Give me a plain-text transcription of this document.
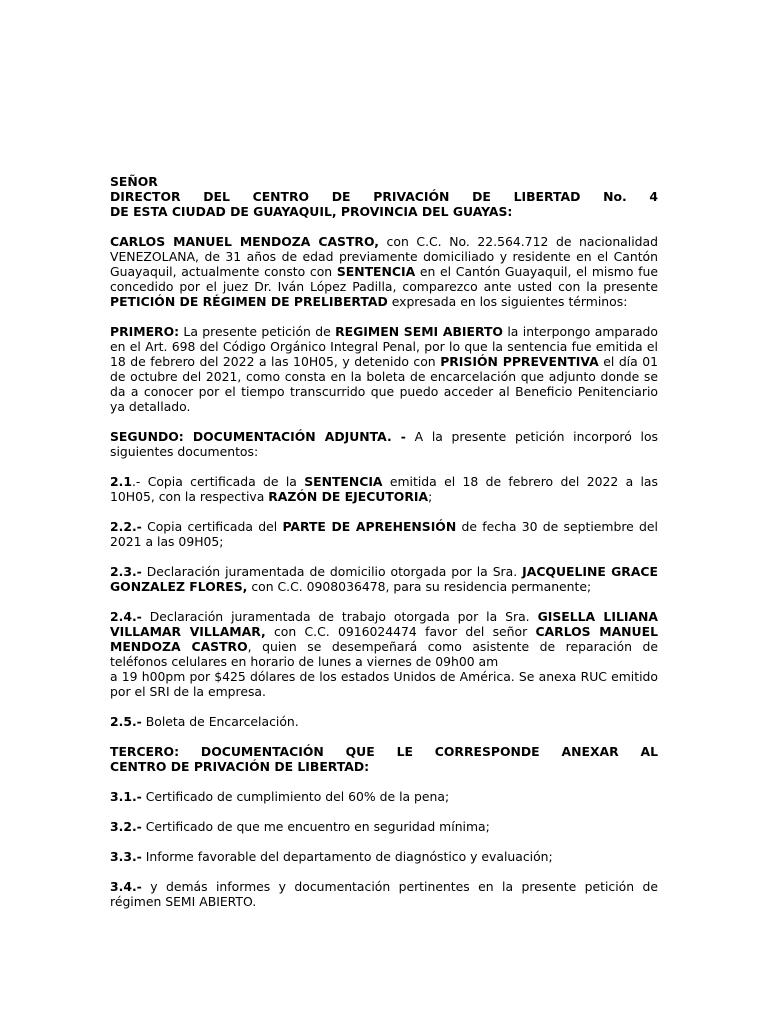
SEÑOR
DIRECTOR DEL CENTRO DE PRIVACIÓN DE LIBERTAD No. 4
DE ESTA CIUDAD DE GUAYAQUIL, PROVINCIA DEL GUAYAS:

CARLOS MANUEL MENDOZA CASTRO, con C.C. No. 22.564.712 de nacionalidad VENEZOLANA, de 31 años de edad previamente domiciliado y residente en el Cantón Guayaquil, actualmente consto con SENTENCIA en el Cantón Guayaquil, el mismo fue concedido por el juez Dr. Iván López Padilla, comparezco ante usted con la presente PETICIÓN DE RÉGIMEN DE PRELIBERTAD expresada en los siguientes términos:

PRIMERO: La presente petición de REGIMEN SEMI ABIERTO la interpongo amparado en el Art. 698 del Código Orgánico Integral Penal, por lo que la sentencia fue emitida el 18 de febrero del 2022 a las 10H05, y detenido con PRISIÓN PPREVENTIVA el día 01 de octubre del 2021, como consta en la boleta de encarcelación que adjunto donde se da a conocer por el tiempo transcurrido que puedo acceder al Beneficio Penitenciario ya detallado.

SEGUNDO: DOCUMENTACIÓN ADJUNTA. - A la presente petición incorporó los siguientes documentos:

2.1.- Copia certificada de la SENTENCIA emitida el 18 de febrero del 2022 a las 10H05, con la respectiva RAZÓN DE EJECUTORIA;

2.2.- Copia certificada del PARTE DE APREHENSIÓN de fecha 30 de septiembre del 2021 a las 09H05;

2.3.- Declaración juramentada de domicilio otorgada por la Sra. JACQUELINE GRACE GONZALEZ FLORES, con C.C. 0908036478, para su residencia permanente;

2.4.- Declaración juramentada de trabajo otorgada por la Sra. GISELLA LILIANA VILLAMAR VILLAMAR, con C.C. 0916024474 favor del señor CARLOS MANUEL MENDOZA CASTRO, quien se desempeñará como asistente de reparación de teléfonos celulares en horario de lunes a viernes de 09h00 am
a 19 h00pm por $425 dólares de los estados Unidos de América. Se anexa RUC emitido por el SRI de la empresa.

2.5.- Boleta de Encarcelación.

TERCERO: DOCUMENTACIÓN QUE LE CORRESPONDE ANEXAR AL
CENTRO DE PRIVACIÓN DE LIBERTAD:

3.1.- Certificado de cumplimiento del 60% de la pena;

3.2.- Certificado de que me encuentro en seguridad mínima;

3.3.- Informe favorable del departamento de diagnóstico y evaluación;

3.4.- y demás informes y documentación pertinentes en la presente petición de régimen SEMI ABIERTO.
